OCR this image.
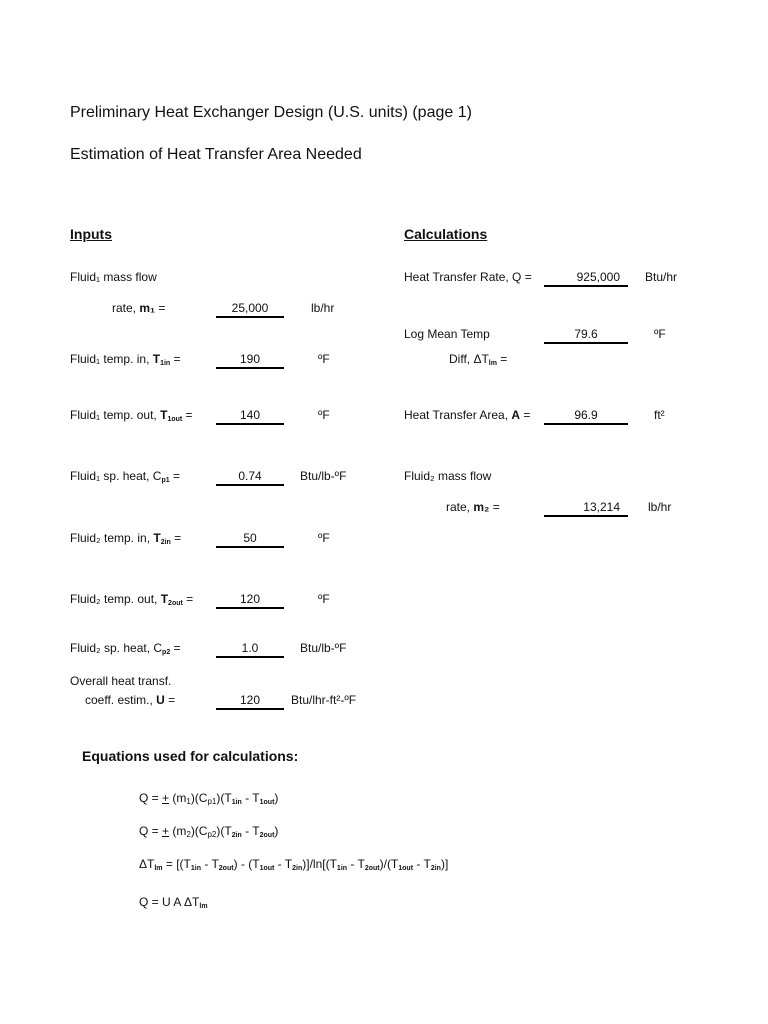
Preliminary Heat Exchanger Design (U.S. units) (page 1)
Estimation of Heat Transfer Area Needed
Inputs	Calculations
Fluid₁ mass flow
rate, m₁ =	25,000	lb/hr
Fluid₁ temp. in, $T_{1in}$ =	190	ºF
Fluid₁ temp. out, $T_{1out}$ =	140	ºF
Fluid₁ sp. heat, $C_{p1}$ =	0.74	Btu/lb-ºF
Fluid₂ temp. in, $T_{2in}$ =	50	ºF
Fluid₂ temp. out, $T_{2out}$ =	120	ºF
Fluid₂ sp. heat, $C_{p2}$ =	1.0	Btu/lb-ºF
Overall heat transf.
coeff. estim., U =	120	Btu/lhr-ft²-ºF
Heat Transfer Rate, Q =	925,000	Btu/hr
Log Mean Temp
Diff, $\Delta T_{lm}$ =
79.6	ºF
Heat Transfer Area, A =	96.9	ft²
Fluid₂ mass flow
rate, m₂ =	13,214	lb/hr
Equations used for calculations:
Q = + $(m_1)(C_{p1})(T_{1in} - T_{1out})$
Q = + $(m_2)(C_{p2})(T_{2in} - T_{2out})$
$\Delta T_{lm} = [(T_{1in} - T_{2out}) - (T_{1out} - T_{2in})]/\ln[(T_{1in} - T_{2out})/(T_{1out} - T_{2in})]$
Q = U A $\Delta T_{lm}$
